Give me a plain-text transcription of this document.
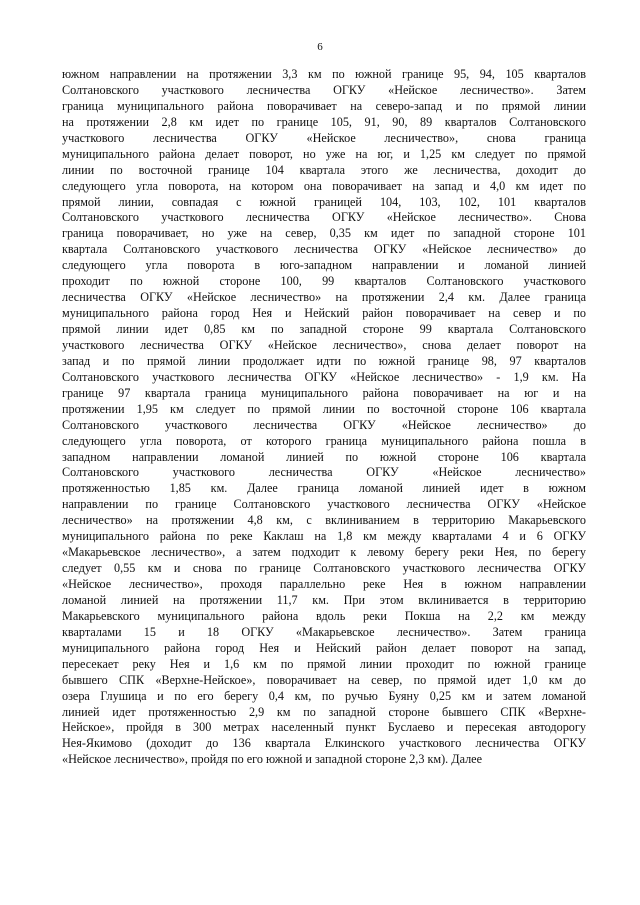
6
южном направлении на протяжении 3,3 км по южной границе 95, 94, 105 кварталов
Солтановского участкового лесничества ОГКУ «Нейское лесничество». Затем
граница муниципального района поворачивает на северо-запад и по прямой линии
на протяжении 2,8 км идет по границе 105, 91, 90, 89 кварталов Солтановского
участкового лесничества ОГКУ «Нейское лесничество», снова граница
муниципального района делает поворот, но уже на юг, и 1,25 км следует по прямой
линии по восточной границе 104 квартала этого же лесничества, доходит до
следующего угла поворота, на котором она поворачивает на запад и 4,0 км идет по
прямой линии, совпадая с южной границей 104, 103, 102, 101 кварталов
Солтановского участкового лесничества ОГКУ «Нейское лесничество». Снова
граница поворачивает, но уже на север, 0,35 км идет по западной стороне 101
квартала Солтановского участкового лесничества ОГКУ «Нейское лесничество» до
следующего угла поворота в юго-западном направлении и ломаной линией
проходит по южной стороне 100, 99 кварталов Солтановского участкового
лесничества ОГКУ «Нейское лесничество» на протяжении 2,4 км. Далее граница
муниципального района город Нея и Нейский район поворачивает на север и по
прямой линии идет 0,85 км по западной стороне 99 квартала Солтановского
участкового лесничества ОГКУ «Нейское лесничество», снова делает поворот на
запад и по прямой линии продолжает идти по южной границе 98, 97 кварталов
Солтановского участкового лесничества ОГКУ «Нейское лесничество» - 1,9 км. На
границе 97 квартала граница муниципального района поворачивает на юг и на
протяжении 1,95 км следует по прямой линии по восточной стороне 106 квартала
Солтановского участкового лесничества ОГКУ «Нейское лесничество» до
следующего угла поворота, от которого граница муниципального района пошла в
западном направлении ломаной линией по южной стороне 106 квартала
Солтановского участкового лесничества ОГКУ «Нейское лесничество»
протяженностью 1,85 км. Далее граница ломаной линией идет в южном
направлении по границе Солтановского участкового лесничества ОГКУ «Нейское
лесничество» на протяжении 4,8 км, с вклиниванием в территорию Макарьевского
муниципального района по реке Каклаш на 1,8 км между кварталами 4 и 6 ОГКУ
«Макарьевское лесничество», а затем подходит к левому берегу реки Нея, по берегу
следует 0,55 км и снова по границе Солтановского участкового лесничества ОГКУ
«Нейское лесничество», проходя параллельно реке Нея в южном направлении
ломаной линией на протяжении 11,7 км. При этом вклинивается в территорию
Макарьевского муниципального района вдоль реки Покша на 2,2 км между
кварталами 15 и 18 ОГКУ «Макарьевское лесничество». Затем граница
муниципального района город Нея и Нейский район делает поворот на запад,
пересекает реку Нея и 1,6 км по прямой линии проходит по южной границе
бывшего СПК «Верхне-Нейское», поворачивает на север, по прямой идет 1,0 км до
озера Глушица и по его берегу 0,4 км, по ручью Буяну 0,25 км и затем ломаной
линией идет протяженностью 2,9 км по западной стороне бывшего СПК «Верхне-
Нейское», пройдя в 300 метрах населенный пункт Буслаево и пересекая автодорогу
Нея-Якимово (доходит до 136 квартала Елкинского участкового лесничества ОГКУ
«Нейское лесничество», пройдя по его южной и западной стороне 2,3 км). Далее
